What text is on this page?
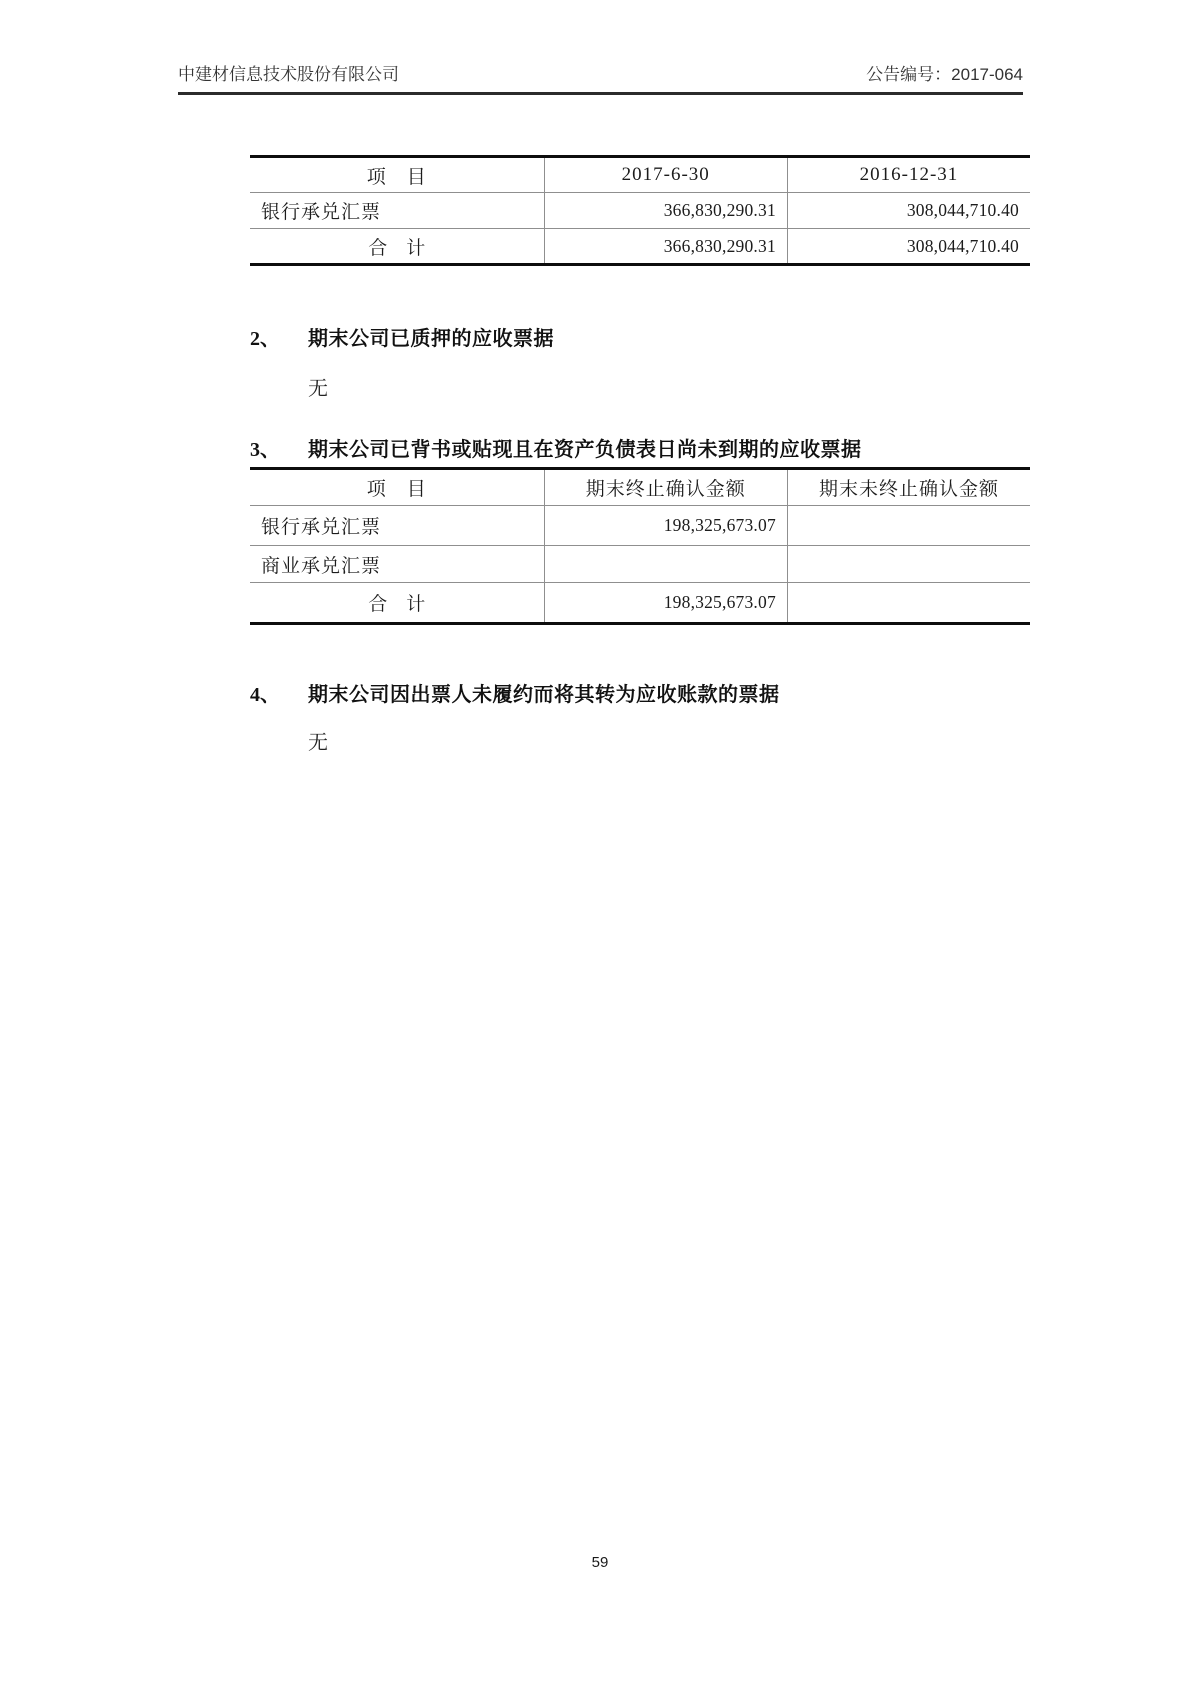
中建材信息技术股份有限公司	公告编号：2017-064
项　目	2017-6-30	2016-12-31
银行承兑汇票	366,830,290.31	308,044,710.40
合　计	366,830,290.31	308,044,710.40
2、	期末公司已质押的应收票据
无
3、	期末公司已背书或贴现且在资产负债表日尚未到期的应收票据
项　目	期末终止确认金额	期末未终止确认金额
银行承兑汇票	198,325,673.07	
商业承兑汇票		
合　计	198,325,673.07	
4、	期末公司因出票人未履约而将其转为应收账款的票据
无
59
